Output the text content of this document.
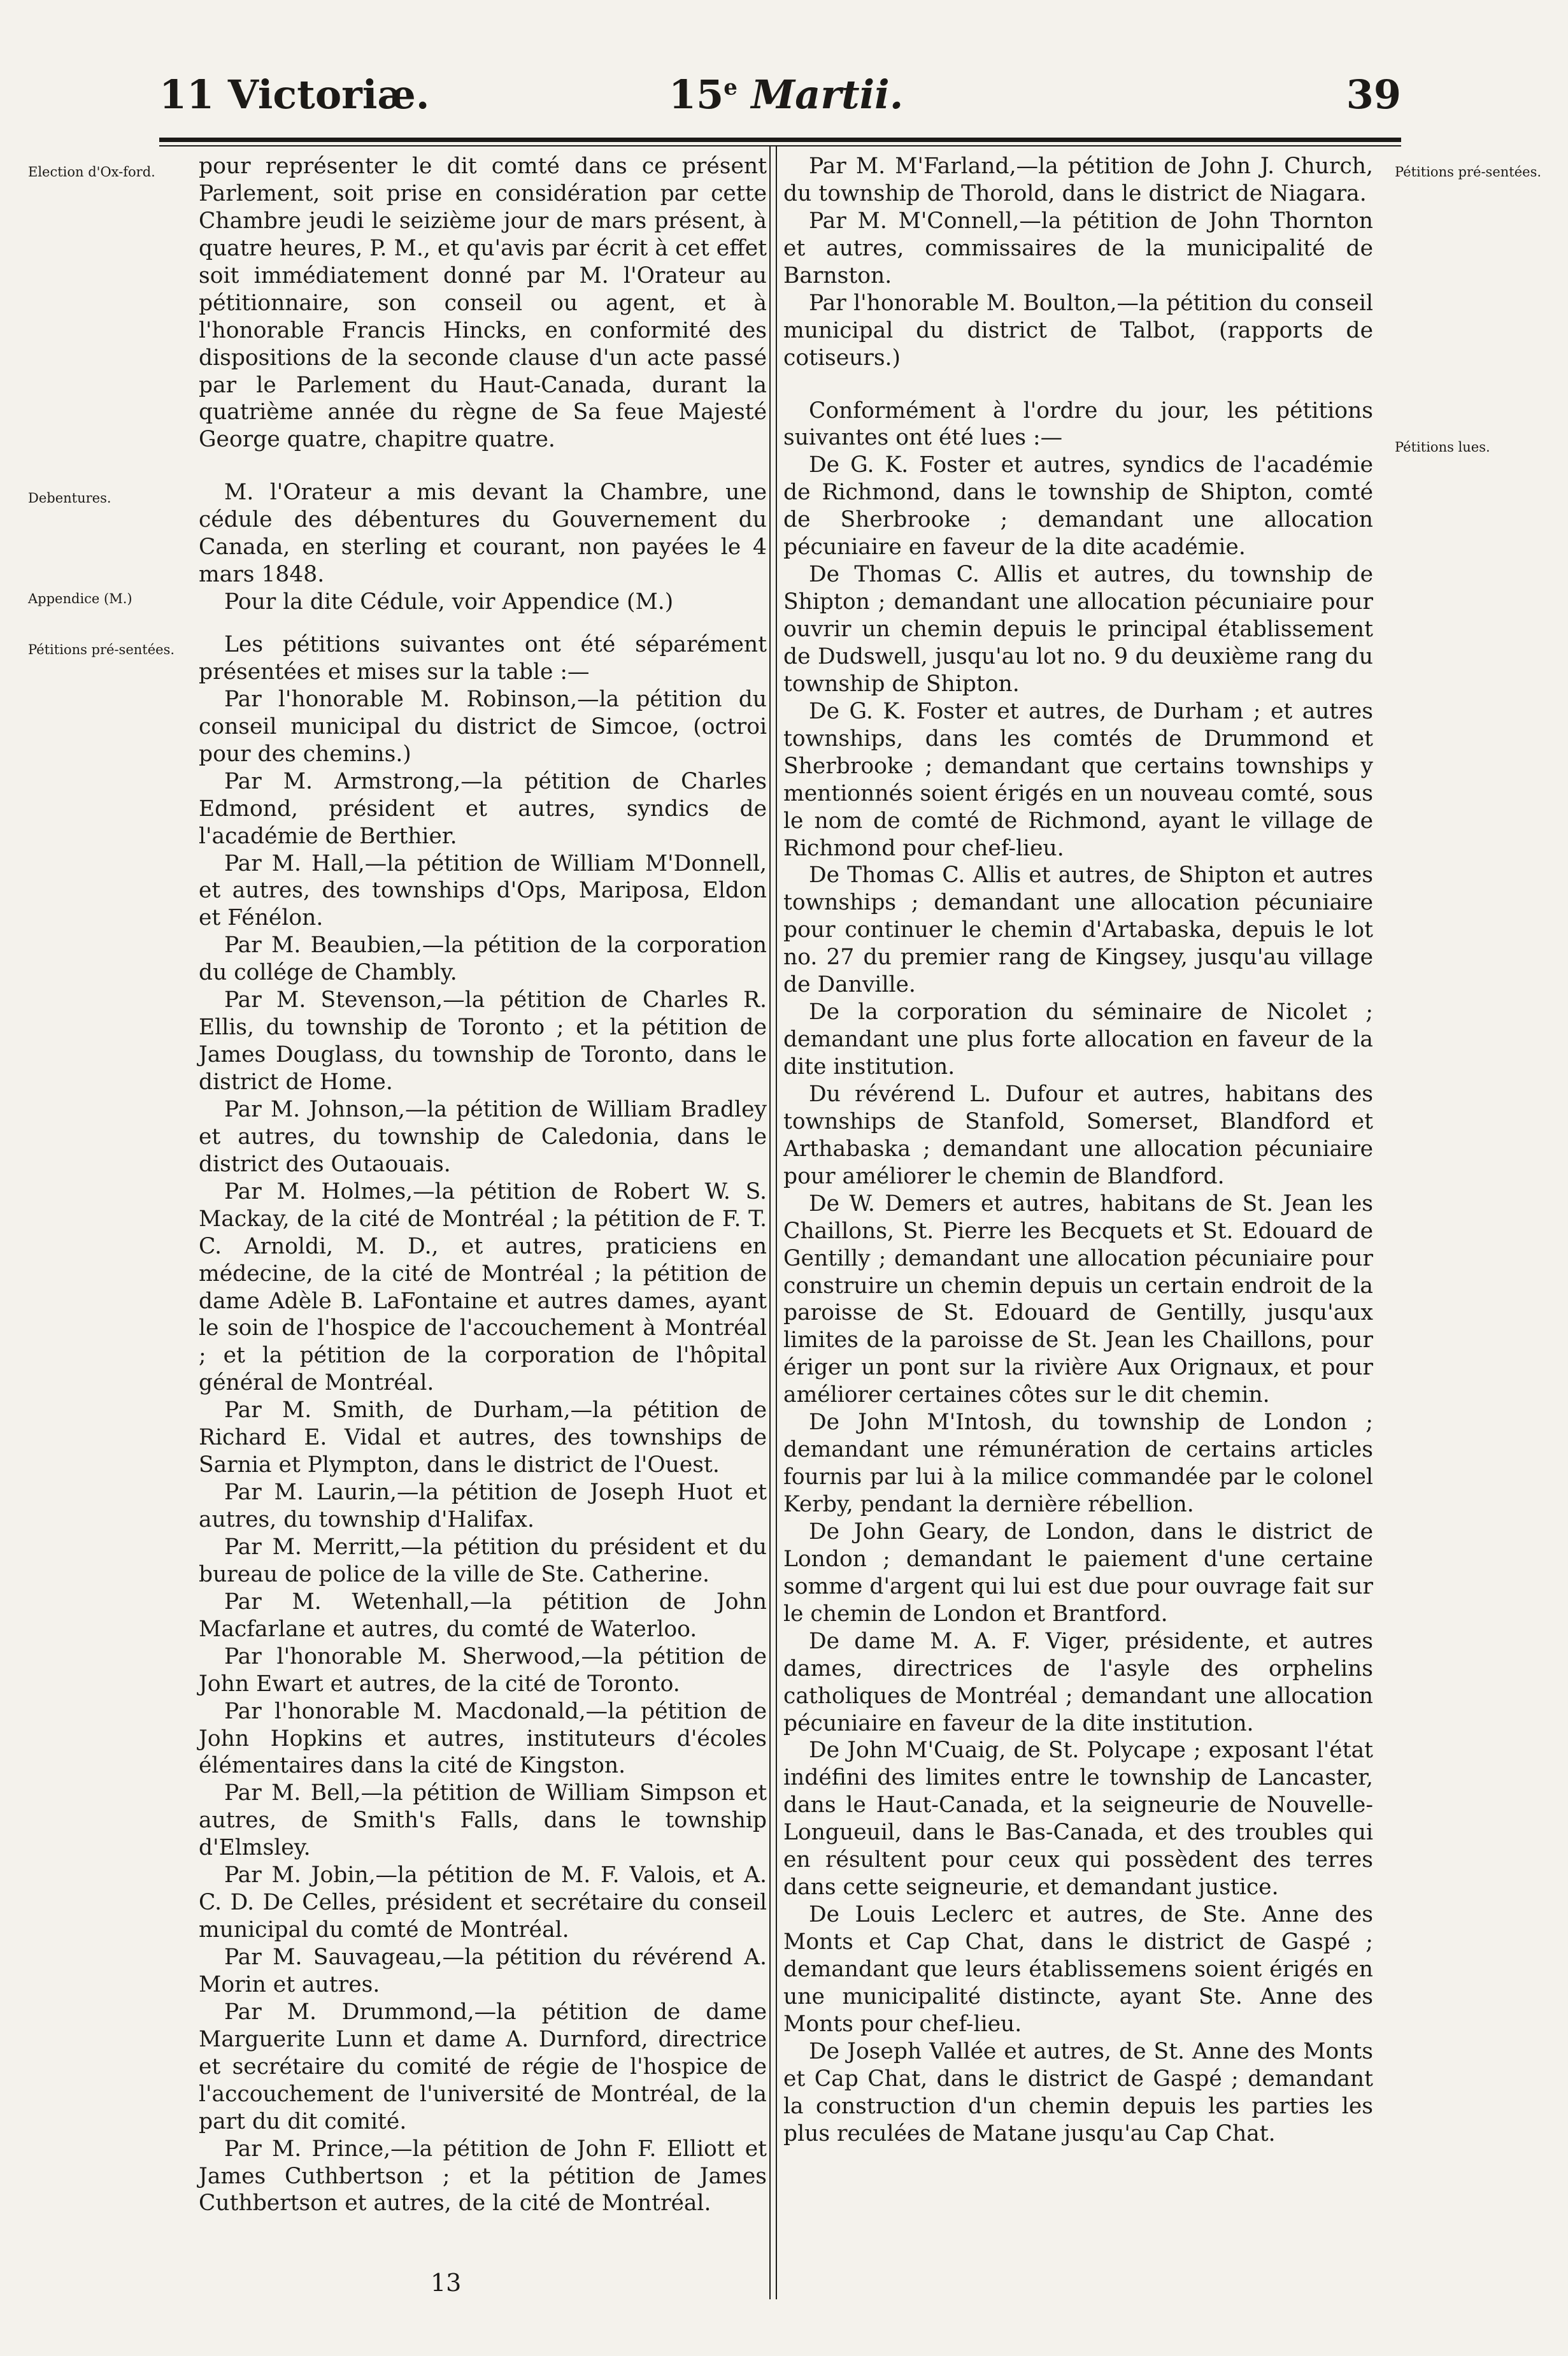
11 Victoriæ.	15e Martii.	39
Election d'Ox-ford.
Debentures.
Appendice (M.)
Pétitions pré-sentées.
Pétitions pré-sentées.
Pétitions lues.

pour représenter le dit comté dans ce présent Parlement, soit prise en considération par cette Chambre jeudi le seizième jour de mars présent, à quatre heures, P. M., et qu'avis par écrit à cet effet soit immédiatement donné par M. l'Orateur au pétitionnaire, son conseil ou agent, et à l'honorable Francis Hincks, en conformité des dispositions de la seconde clause d'un acte passé par le Parlement du Haut-Canada, durant la quatrième année du règne de Sa feue Majesté George quatre, chapitre quatre.

M. l'Orateur a mis devant la Chambre, une cédule des débentures du Gouvernement du Canada, en sterling et courant, non payées le 4 mars 1848.

Pour la dite Cédule, voir Appendice (M.)

Les pétitions suivantes ont été séparément présentées et mises sur la table :—

Par l'honorable M. Robinson,—la pétition du conseil municipal du district de Simcoe, (octroi pour des chemins.)

Par M. Armstrong,—la pétition de Charles Edmond, président et autres, syndics de l'académie de Berthier.

Par M. Hall,—la pétition de William M'Donnell, et autres, des townships d'Ops, Mariposa, Eldon et Fénélon.

Par M. Beaubien,—la pétition de la corporation du collége de Chambly.

Par M. Stevenson,—la pétition de Charles R. Ellis, du township de Toronto ; et la pétition de James Douglass, du township de Toronto, dans le district de Home.

Par M. Johnson,—la pétition de William Bradley et autres, du township de Caledonia, dans le district des Outaouais.

Par M. Holmes,—la pétition de Robert W. S. Mackay, de la cité de Montréal ; la pétition de F. T. C. Arnoldi, M. D., et autres, praticiens en médecine, de la cité de Montréal ; la pétition de dame Adèle B. LaFontaine et autres dames, ayant le soin de l'hospice de l'accouchement à Montréal ; et la pétition de la corporation de l'hôpital général de Montréal.

Par M. Smith, de Durham,—la pétition de Richard E. Vidal et autres, des townships de Sarnia et Plympton, dans le district de l'Ouest.

Par M. Laurin,—la pétition de Joseph Huot et autres, du township d'Halifax.

Par M. Merritt,—la pétition du président et du bureau de police de la ville de Ste. Catherine.

Par M. Wetenhall,—la pétition de John Macfarlane et autres, du comté de Waterloo.

Par l'honorable M. Sherwood,—la pétition de John Ewart et autres, de la cité de Toronto.

Par l'honorable M. Macdonald,—la pétition de John Hopkins et autres, instituteurs d'écoles élémentaires dans la cité de Kingston.

Par M. Bell,—la pétition de William Simpson et autres, de Smith's Falls, dans le township d'Elmsley.

Par M. Jobin,—la pétition de M. F. Valois, et A. C. D. De Celles, président et secrétaire du conseil municipal du comté de Montréal.

Par M. Sauvageau,—la pétition du révérend A. Morin et autres.

Par M. Drummond,—la pétition de dame Marguerite Lunn et dame A. Durnford, directrice et secrétaire du comité de régie de l'hospice de l'accouchement de l'université de Montréal, de la part du dit comité.

Par M. Prince,—la pétition de John F. Elliott et James Cuthbertson ; et la pétition de James Cuthbertson et autres, de la cité de Montréal.

Par M. M'Farland,—la pétition de John J. Church, du township de Thorold, dans le district de Niagara.

Par M. M'Connell,—la pétition de John Thornton et autres, commissaires de la municipalité de Barnston.

Par l'honorable M. Boulton,—la pétition du conseil municipal du district de Talbot, (rapports de cotiseurs.)

Conformément à l'ordre du jour, les pétitions suivantes ont été lues :—

De G. K. Foster et autres, syndics de l'académie de Richmond, dans le township de Shipton, comté de Sherbrooke ; demandant une allocation pécuniaire en faveur de la dite académie.

De Thomas C. Allis et autres, du township de Shipton ; demandant une allocation pécuniaire pour ouvrir un chemin depuis le principal établissement de Dudswell, jusqu'au lot no. 9 du deuxième rang du township de Shipton.

De G. K. Foster et autres, de Durham ; et autres townships, dans les comtés de Drummond et Sherbrooke ; demandant que certains townships y mentionnés soient érigés en un nouveau comté, sous le nom de comté de Richmond, ayant le village de Richmond pour chef-lieu.

De Thomas C. Allis et autres, de Shipton et autres townships ; demandant une allocation pécuniaire pour continuer le chemin d'Artabaska, depuis le lot no. 27 du premier rang de Kingsey, jusqu'au village de Danville.

De la corporation du séminaire de Nicolet ; demandant une plus forte allocation en faveur de la dite institution.

Du révérend L. Dufour et autres, habitans des townships de Stanfold, Somerset, Blandford et Arthabaska ; demandant une allocation pécuniaire pour améliorer le chemin de Blandford.

De W. Demers et autres, habitans de St. Jean les Chaillons, St. Pierre les Becquets et St. Edouard de Gentilly ; demandant une allocation pécuniaire pour construire un chemin depuis un certain endroit de la paroisse de St. Edouard de Gentilly, jusqu'aux limites de la paroisse de St. Jean les Chaillons, pour ériger un pont sur la rivière Aux Orignaux, et pour améliorer certaines côtes sur le dit chemin.

De John M'Intosh, du township de London ; demandant une rémunération de certains articles fournis par lui à la milice commandée par le colonel Kerby, pendant la dernière rébellion.

De John Geary, de London, dans le district de London ; demandant le paiement d'une certaine somme d'argent qui lui est due pour ouvrage fait sur le chemin de London et Brantford.

De dame M. A. F. Viger, présidente, et autres dames, directrices de l'asyle des orphelins catholiques de Montréal ; demandant une allocation pécuniaire en faveur de la dite institution.

De John M'Cuaig, de St. Polycape ; exposant l'état indéfini des limites entre le township de Lancaster, dans le Haut-Canada, et la seigneurie de Nouvelle-Longueuil, dans le Bas-Canada, et des troubles qui en résultent pour ceux qui possèdent des terres dans cette seigneurie, et demandant justice.

De Louis Leclerc et autres, de Ste. Anne des Monts et Cap Chat, dans le district de Gaspé ; demandant que leurs établissemens soient érigés en une municipalité distincte, ayant Ste. Anne des Monts pour chef-lieu.

De Joseph Vallée et autres, de St. Anne des Monts et Cap Chat, dans le district de Gaspé ; demandant la construction d'un chemin depuis les parties les plus reculées de Matane jusqu'au Cap Chat.

13
